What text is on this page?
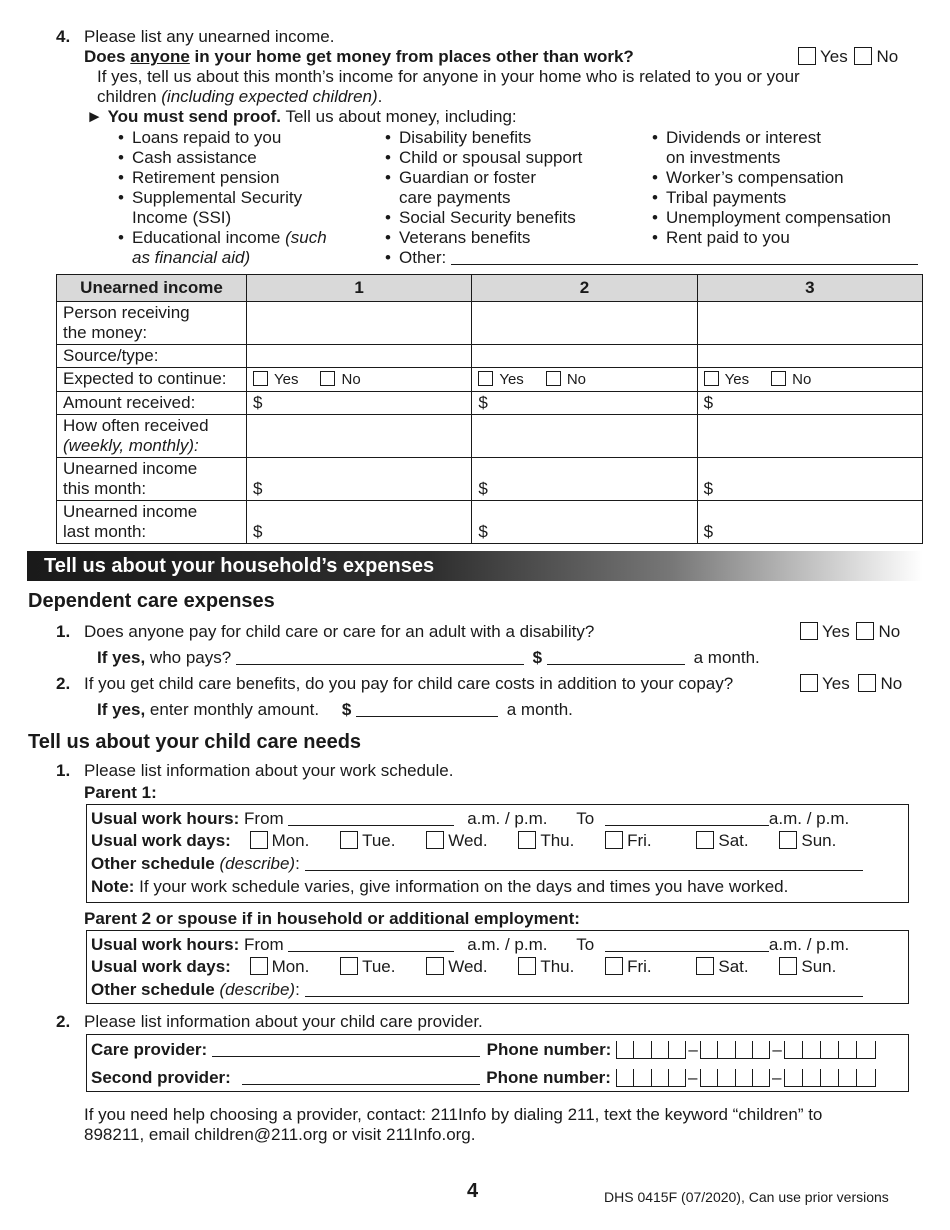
4. Please list any unearned income.
Does anyone in your home get money from places other than work?	Yes No
If yes, tell us about this month’s income for anyone in your home who is related to you or your
children (including expected children).
► You must send proof. Tell us about money, including:
• Loans repaid to you
• Cash assistance
• Retirement pension
• Supplemental Security
Income (SSI)
• Educational income (such
as financial aid)
• Disability benefits
• Child or spousal support
• Guardian or foster
care payments
• Social Security benefits
• Veterans benefits
• Other:
• Dividends or interest
on investments
• Worker’s compensation
• Tribal payments
• Unemployment compensation
• Rent paid to you
Unearned income	1	2	3

Person receiving
the money:			

Source/type:			
Expected to continue:	Yes No	Yes No	Yes No
Amount received:	$	$	$

How often received
(weekly, monthly):			

Unearned income
this month:	$	$	$

Unearned income
last month:	$	$	$
Tell us about your household’s expenses
Dependent care expenses
1. Does anyone pay for child care or care for an adult with a disability?	Yes No
If yes, who pays?	$	a month.
2. If you get child care benefits, do you pay for child care costs in addition to your copay?	Yes No
If yes, enter monthly amount. $	a month.
Tell us about your child care needs
1. Please list information about your work schedule.
Parent 1:
Usual work hours: From	a.m. / p.m. To	a.m. / p.m.
Usual work days: Mon.	Tue.	Wed.	Thu.	Fri.	Sat.	Sun.
Other schedule (describe):
Note: If your work schedule varies, give information on the days and times you have worked.
Parent 2 or spouse if in household or additional employment:
Usual work hours: From	a.m. / p.m. To	a.m. / p.m.
Usual work days: Mon.	Tue.	Wed.	Thu.	Fri.	Sat.	Sun.
Other schedule (describe):
2. Please list information about your child care provider.
Care provider:	Phone number:	–	–
Second provider:	Phone number:	–	–
If you need help choosing a provider, contact: 211Info by dialing 211, text the keyword “children” to
898211, email children@211.org or visit 211Info.org.
4	DHS 0415F (07/2020), Can use prior versions
